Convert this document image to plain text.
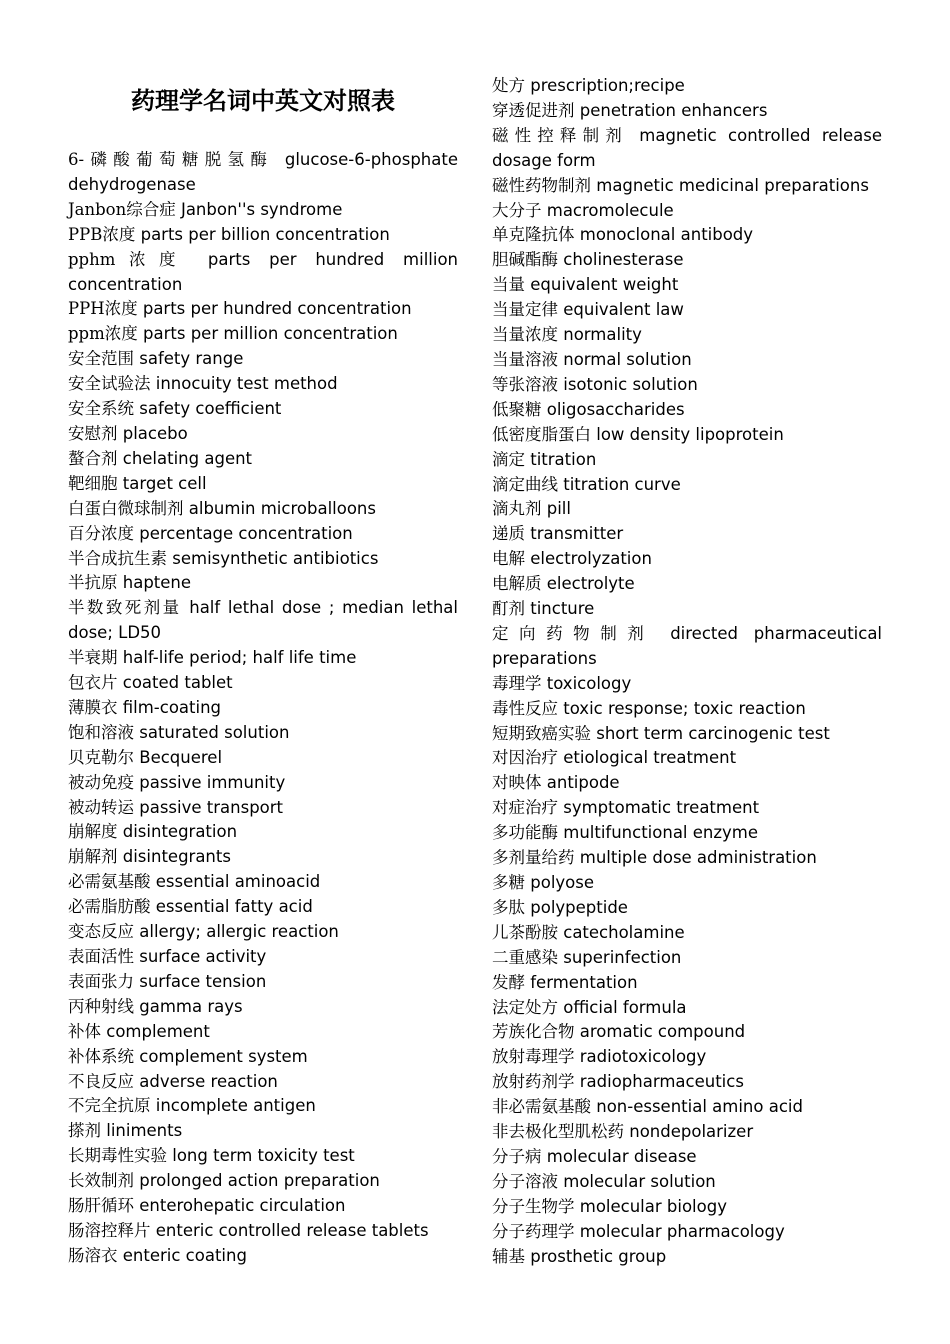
药理学名词中英文对照表

6-磷酸葡萄糖脱氢酶 glucose-6-phosphate dehydrogenase

Janbon综合症 Janbon''s syndrome

PPB浓度 parts per billion concentration

pphm浓度 parts per hundred million concentration

PPH浓度 parts per hundred concentration

ppm浓度 parts per million concentration

安全范围 safety range

安全试验法 innocuity test method

安全系统 safety coefficient

安慰剂 placebo

螯合剂 chelating agent

靶细胞 target cell

白蛋白微球制剂 albumin microballoons

百分浓度 percentage concentration

半合成抗生素 semisynthetic antibiotics

半抗原 haptene

半数致死剂量 half lethal dose ; median lethal dose; LD50

半衰期 half-life period; half life time

包衣片 coated tablet

薄膜衣 film-coating

饱和溶液 saturated solution

贝克勒尔 Becquerel

被动免疫 passive immunity

被动转运 passive transport

崩解度 disintegration

崩解剂 disintegrants

必需氨基酸 essential aminoacid

必需脂肪酸 essential fatty acid

变态反应 allergy; allergic reaction

表面活性 surface activity

表面张力 surface tension

丙种射线 gamma rays

补体 complement

补体系统 complement system

不良反应 adverse reaction

不完全抗原 incomplete antigen

搽剂 liniments

长期毒性实验 long term toxicity test

长效制剂 prolonged action preparation

肠肝循环 enterohepatic circulation

肠溶控释片 enteric controlled release tablets

肠溶衣 enteric coating

处方 prescription;recipe

穿透促进剂 penetration enhancers

磁性控释制剂 magnetic controlled release dosage form

磁性药物制剂 magnetic medicinal preparations

大分子 macromolecule

单克隆抗体 monoclonal antibody

胆碱酯酶 cholinesterase

当量 equivalent weight

当量定律 equivalent law

当量浓度 normality

当量溶液 normal solution

等张溶液 isotonic solution

低聚糖 oligosaccharides

低密度脂蛋白 low density lipoprotein

滴定 titration

滴定曲线 titration curve

滴丸剂 pill

递质 transmitter

电解 electrolyzation

电解质 electrolyte

酊剂 tincture

定向药物制剂 directed pharmaceutical preparations

毒理学 toxicology

毒性反应 toxic response; toxic reaction

短期致癌实验 short term carcinogenic test

对因治疗 etiological treatment

对映体 antipode

对症治疗 symptomatic treatment

多功能酶 multifunctional enzyme

多剂量给药 multiple dose administration

多糖 polyose

多肽 polypeptide

儿茶酚胺 catecholamine

二重感染 superinfection

发酵 fermentation

法定处方 official formula

芳族化合物 aromatic compound

放射毒理学 radiotoxicology

放射药剂学 radiopharmaceutics

非必需氨基酸 non-essential amino acid

非去极化型肌松药 nondepolarizer

分子病 molecular disease

分子溶液 molecular solution

分子生物学 molecular biology

分子药理学 molecular pharmacology

辅基 prosthetic group
